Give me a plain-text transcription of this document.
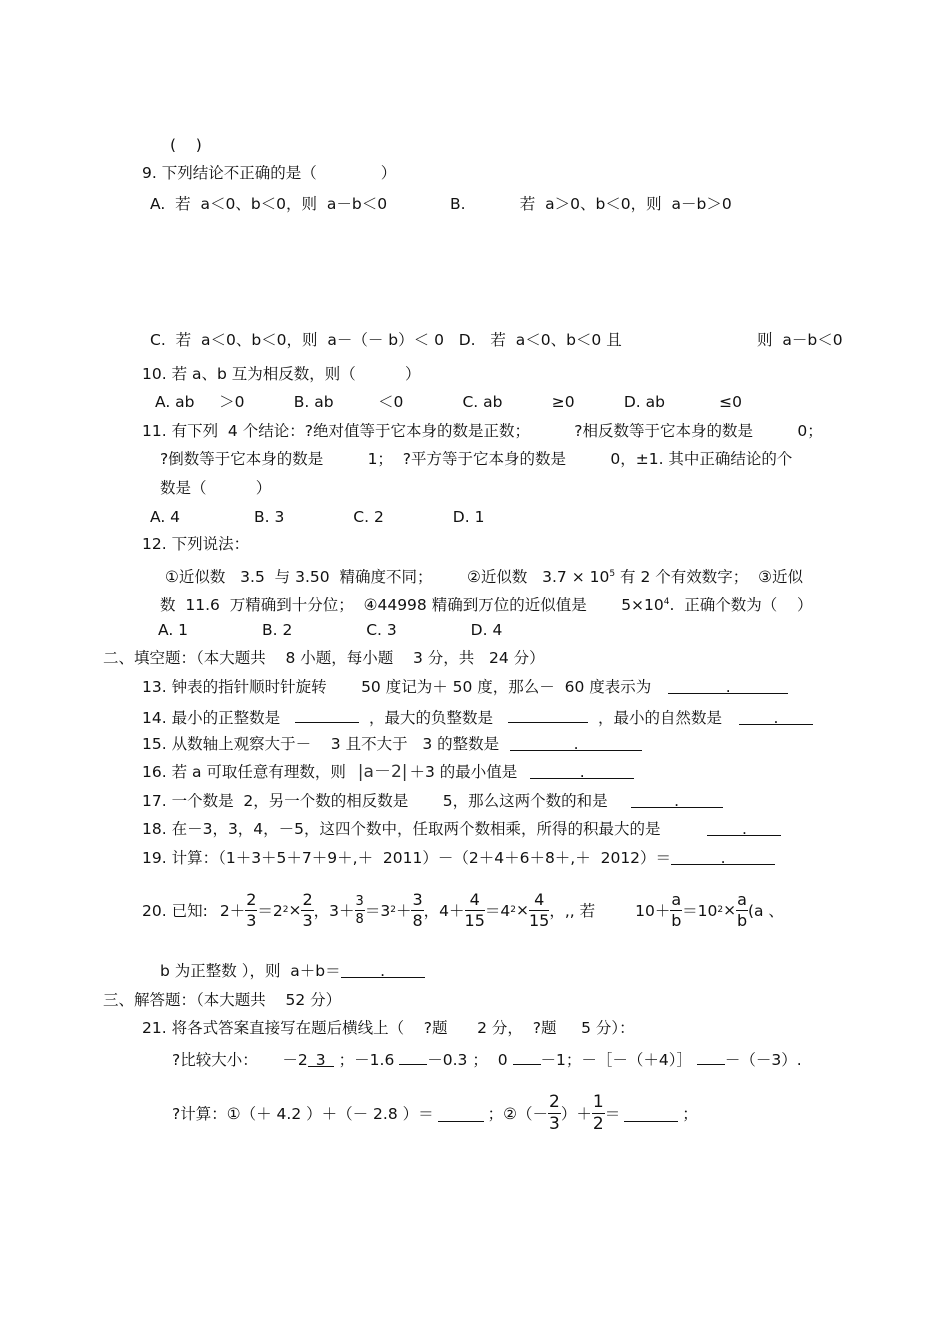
(    )
9. 下列结论不正确的是（             ）
A.  若  a＜0、b＜0，则  a－b＜0	B.           若  a＞0、b＜0，则  a－b＞0
C.  若  a＜0、b＜0，则  a－（－ b）＜ 0   D.   若  a＜0、b＜0 且	则  a－b＜0
10. 若 a、b 互为相反数，则（          ）
A. ab     ＞0          B. ab         ＜0            C. ab          ≥0          D. ab           ≤0
11. 有下列  4 个结论：?绝对值等于它本身的数是正数；         ?相反数等于它本身的数是         0；
?倒数等于它本身的数是         1；  ?平方等于它本身的数是         0，±1. 其中正确结论的个
数是（          ）
A. 4               B. 3              C. 2              D. 1
12. 下列说法：
①近似数   3.5  与 3.50  精确度不同；       ②近似数   $3.7 \times 10^5$ 有 2 个有效数字；  ③近似
数  11.6  万精确到十分位；  ④44998 精确到万位的近似值是       $5\times 10^4$.  正确个数为（    ）
A. 1               B. 2               C. 3               D. 4
二、填空题：（本大题共    8 小题，每小题    3 分，共   24 分）
13. 钟表的指针顺时针旋转       50 度记为＋ 50 度，那么－  60 度表示为	.
14. 最小的正整数是	，最大的负整数是	，最小的自然数是	.
15. 从数轴上观察大于－    3 且不大于   3 的整数是	.
16. 若 a 可取任意有理数，则 |a－2| ＋3 的最小值是	.
17. 一个数是  2，另一个数的相反数是       5，那么这两个数的和是	.
18. 在－3，3，4，－5，这四个数中，任取两个数相乘，所得的积最大的是	.
19. 计算：（1＋3＋5＋7＋9＋,＋  2011）－（2＋4＋6＋8＋,＋  2012）＝	.
20. 已知: $2+ \frac{2}{3} =2$ $2 \times \frac{2}{3}$ ，$3+ \frac{3}{8} =3$ $2 + \frac{3}{8}$ ，$4+ \frac{4}{15} =4$ $2 \times \frac{4}{15}$ ，,, 若	$10+ \frac{a}{b} =10$ $2 \times \frac{a}{b} (a$ 、
b 为正整数 ），则  a＋b＝	.
三、解答题：（本大题共    52 分）
21. 将各式答案直接写在题后横线上（    ?题      2 分，  ?题     5 分）：
?比较大小：     －2 3 ；－1.6 －0.3 ；  0 －1；－［－（＋4）］ －（－3）.
?计算：①（＋ 4.2 ）＋（－ 2.8 ）＝	；②（－ $\frac{2}{3}$ ）＋ $\frac{1}{2}$ ＝	；
